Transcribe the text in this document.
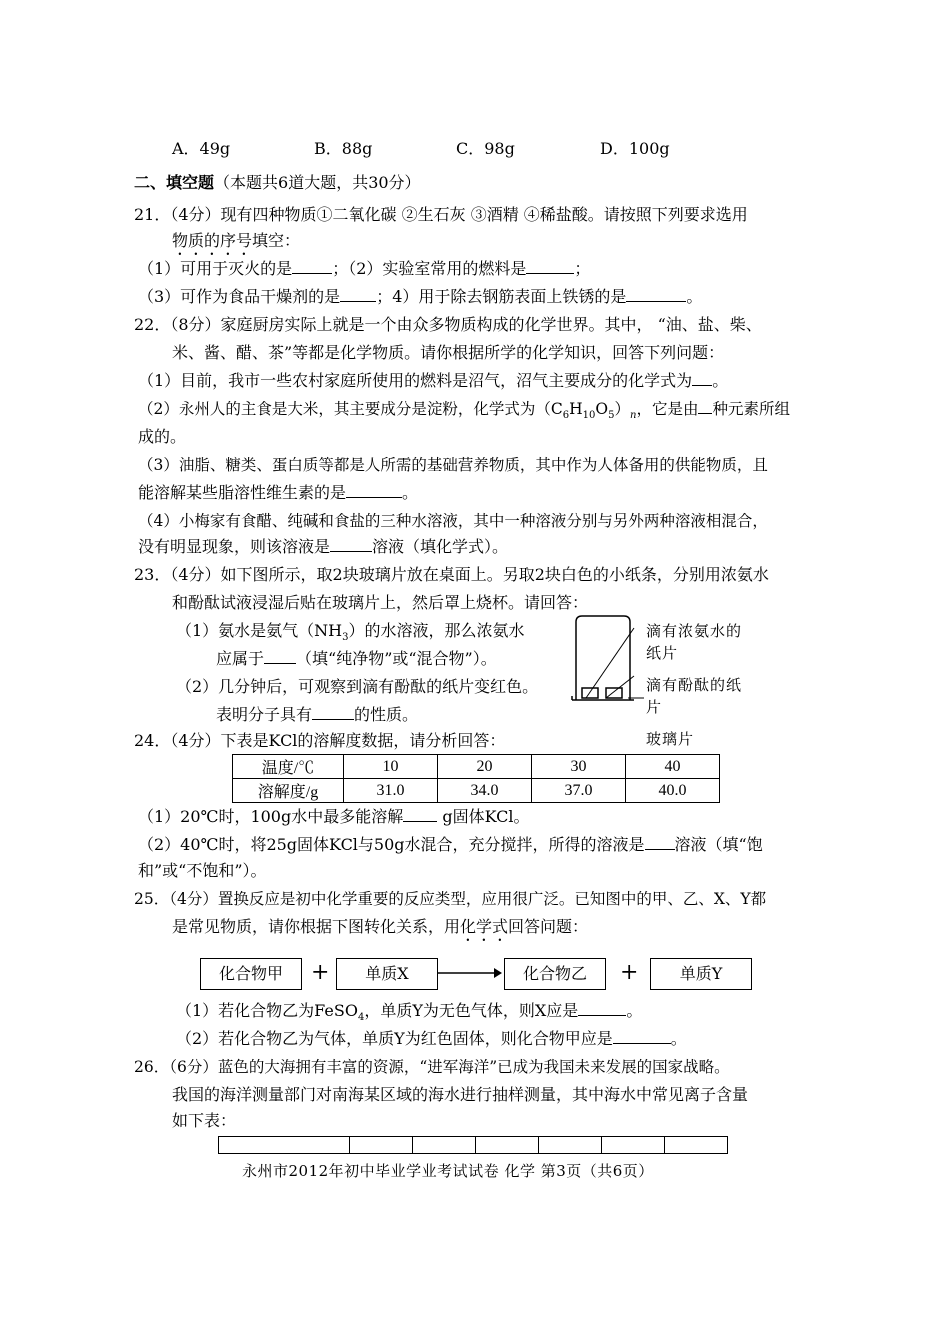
A．49g	B．88g	C．98g	D．100g
二、填空题（本题共6道大题，共30分）
21．（4分）现有四种物质①二氧化碳 ②生石灰 ③酒精 ④稀盐酸。请按照下列要求选用
物质的序号填空：
（1）可用于灭火的是	；（2）实验室常用的燃料是	；
（3）可作为食品干燥剂的是 ；4）用于除去钢筋表面上铁锈的是	。
22．（8分）家庭厨房实际上就是一个由众多物质构成的化学世界。其中， “油、盐、柴、
米、酱、醋、茶”等都是化学物质。请你根据所学的化学知识，回答下列问题：
（1）目前，我市一些农村家庭所使用的燃料是沼气，沼气主要成分的化学式为 。
（2）永州人的主食是大米，其主要成分是淀粉，化学式为$(C_6H_{10}O_5)_n$，它是由 种元素所组
成的。
（3）油脂、糖类、蛋白质等都是人所需的基础营养物质，其中作为人体备用的供能物质，且
能溶解某些脂溶性维生素的是	。
（4）小梅家有食醋、纯碱和食盐的三种水溶液，其中一种溶液分别与另外两种溶液相混合，
没有明显现象，则该溶液是	溶液（填化学式）。
23．（4分）如下图所示，取2块玻璃片放在桌面上。另取2块白色的小纸条，分别用浓氨水
和酚酞试液浸湿后贴在玻璃片上，然后罩上烧杯。请回答：
（1）氨水是氨气$(NH_3)$的水溶液，那么浓氨水
应属于 （填“纯净物”或“混合物”）。
（2）几分钟后，可观察到滴有酚酞的纸片变红色。
表明分子具有	的性质。
滴有浓氨水的
纸片
滴有酚酞的纸
片
玻璃片
24．（4分）下表是KCl的溶解度数据，请分析回答：
温度/℃	10	20	30	40
溶解度/g	31.0	34.0	37.0	40.0
（1）20℃时，100g水中最多能溶解 g固体KCl。
（2）40℃时，将25g固体KCl与50g水混合，充分搅拌，所得的溶液是 溶液（填“饱
和”或“不饱和”）。
25．（4分）置换反应是初中化学重要的反应类型，应用很广泛。已知图中的甲、乙、X、Y都
是常见物质，请你根据下图转化关系，用化学式回答问题：
化合物甲	+	单质X	化合物乙	+	单质Y
（1）若化合物乙为FeSO$_4$，单质Y为无色气体，则X应是	。
（2）若化合物乙为气体，单质Y为红色固体，则化合物甲应是	。
26．（6分）蓝色的大海拥有丰富的资源，“进军海洋”已成为我国未来发展的国家战略。
我国的海洋测量部门对南海某区域的海水进行抽样测量，其中海水中常见离子含量
如下表：

永州市2012年初中毕业学业考试试卷 化学 第3页（共6页）
